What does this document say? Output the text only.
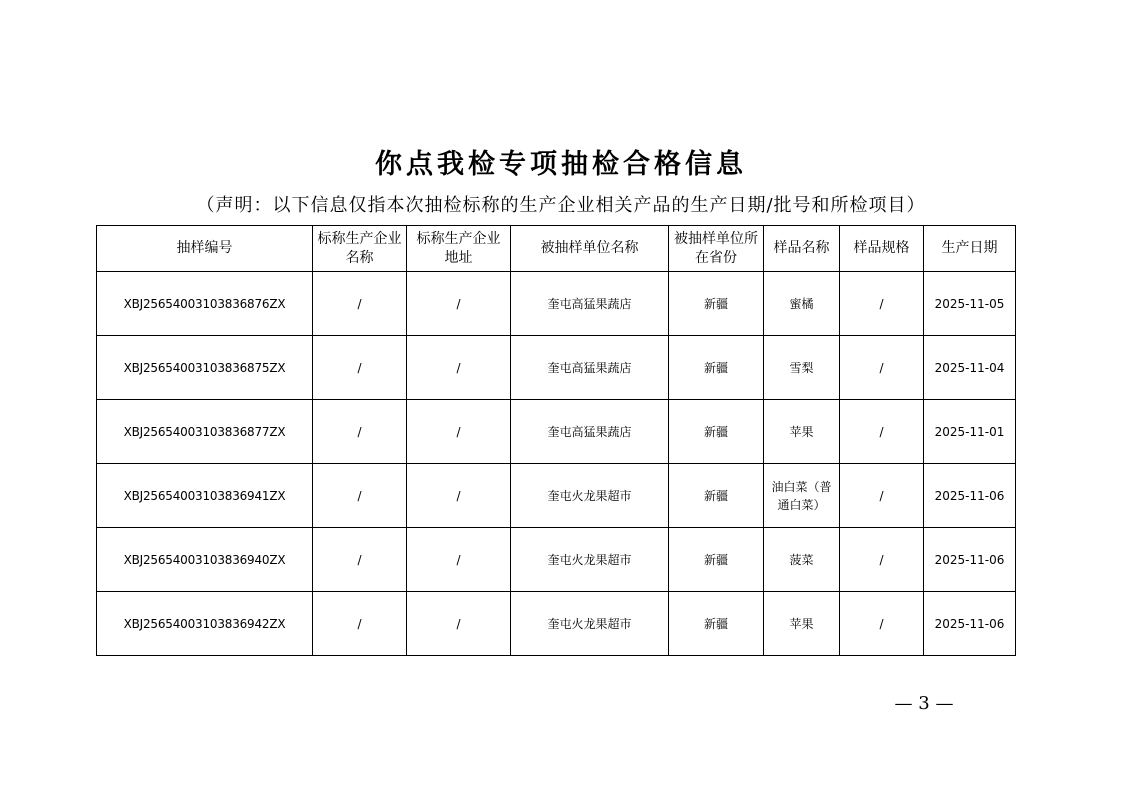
你点我检专项抽检合格信息
（声明：以下信息仅指本次抽检标称的生产企业相关产品的生产日期/批号和所检项目）
抽样编号	标称生产企业名称	标称生产企业地址	被抽样单位名称	被抽样单位所在省份	样品名称	样品规格	生产日期
XBJ25654003103836876ZX	/	/	奎屯高猛果蔬店	新疆	蜜橘	/	2025-11-05
XBJ25654003103836875ZX	/	/	奎屯高猛果蔬店	新疆	雪梨	/	2025-11-04
XBJ25654003103836877ZX	/	/	奎屯高猛果蔬店	新疆	苹果	/	2025-11-01
XBJ25654003103836941ZX	/	/	奎屯火龙果超市	新疆	油白菜（普通白菜）	/	2025-11-06
XBJ25654003103836940ZX	/	/	奎屯火龙果超市	新疆	菠菜	/	2025-11-06
XBJ25654003103836942ZX	/	/	奎屯火龙果超市	新疆	苹果	/	2025-11-06
— 3 —
